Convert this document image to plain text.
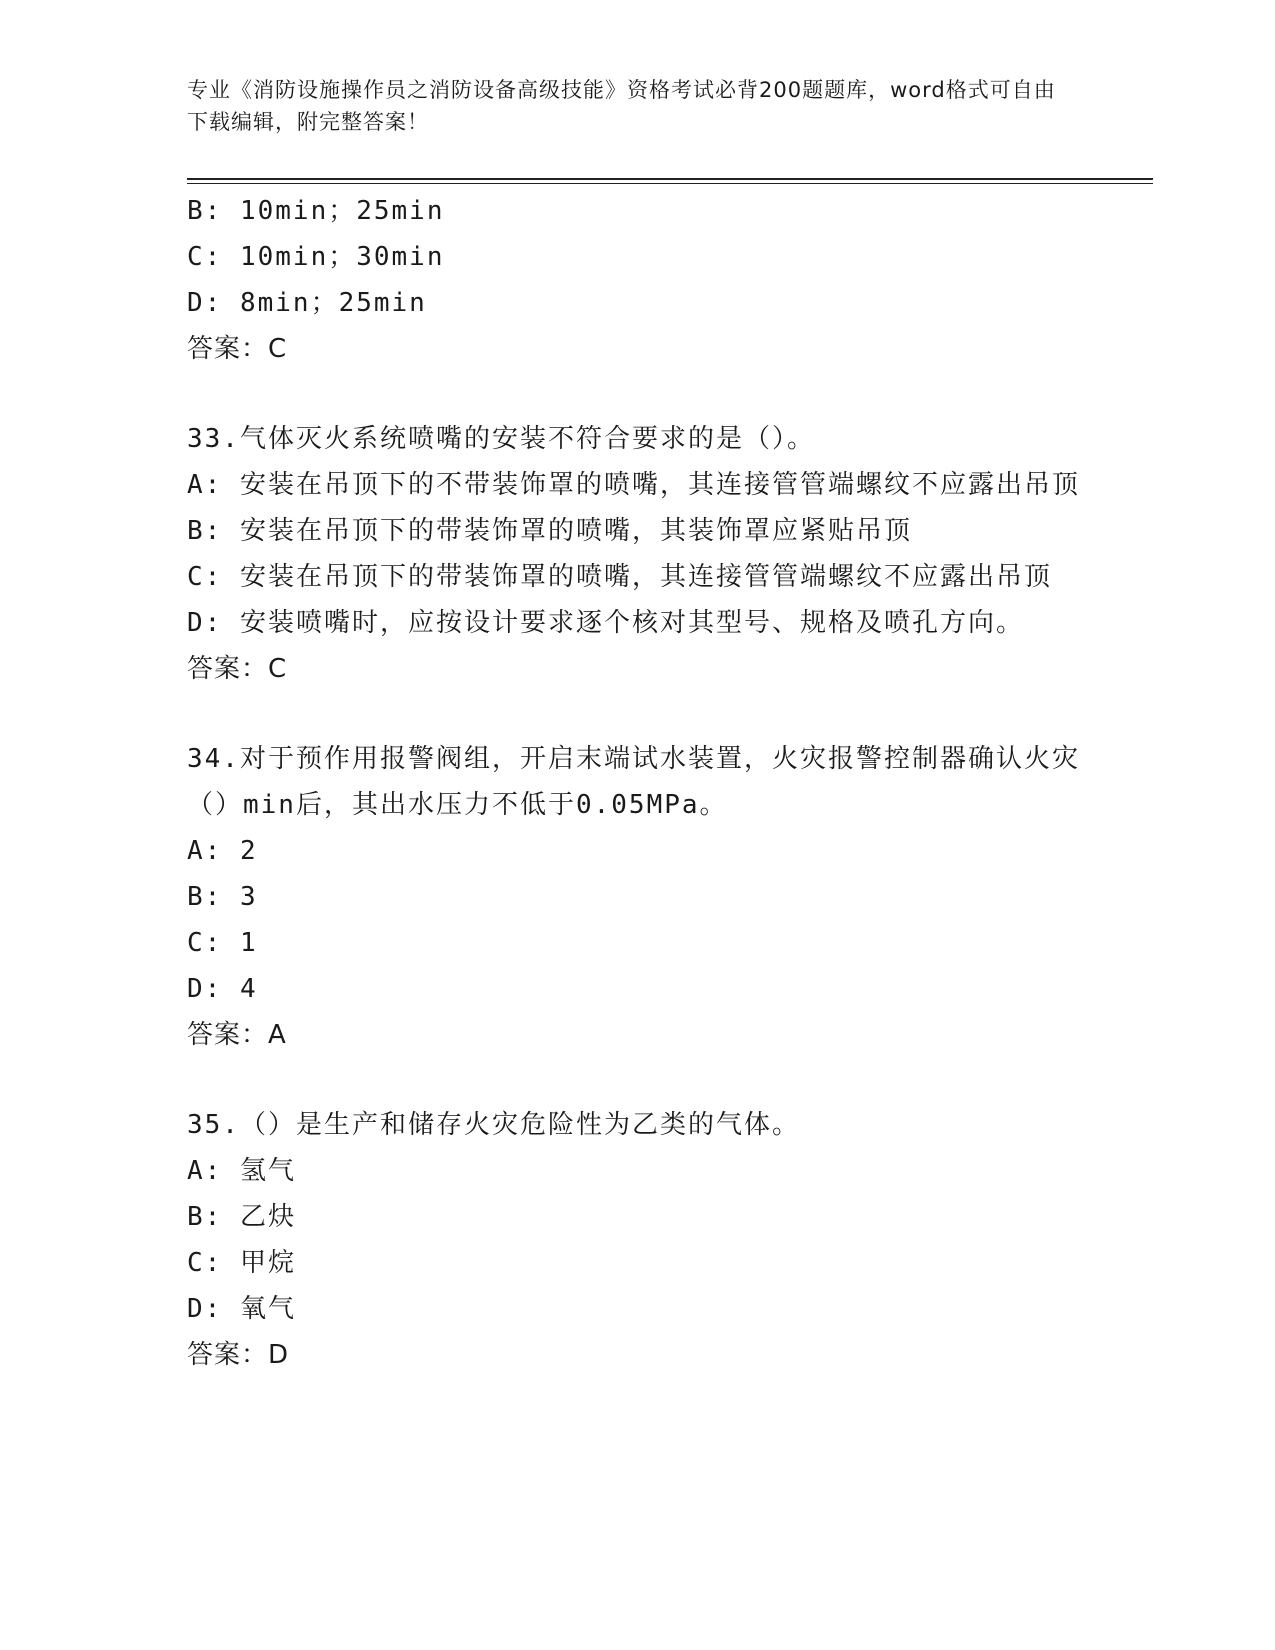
专业《消防设施操作员之消防设备高级技能》资格考试必背200题题库，word格式可自由下载编辑，附完整答案！
B: 10min；25min
C: 10min；30min
D: 8min；25min
答案：C
33.气体灭火系统喷嘴的安装不符合要求的是（）。
A: 安装在吊顶下的不带装饰罩的喷嘴，其连接管管端螺纹不应露出吊顶
B: 安装在吊顶下的带装饰罩的喷嘴，其装饰罩应紧贴吊顶
C: 安装在吊顶下的带装饰罩的喷嘴，其连接管管端螺纹不应露出吊顶
D: 安装喷嘴时，应按设计要求逐个核对其型号、规格及喷孔方向。
答案：C
34.对于预作用报警阀组，开启末端试水装置，火灾报警控制器确认火灾（）min后，其出水压力不低于0.05MPa。
A: 2
B: 3
C: 1
D: 4
答案：A
35.（）是生产和储存火灾危险性为乙类的气体。
A: 氢气
B: 乙炔
C: 甲烷
D: 氧气
答案：D
